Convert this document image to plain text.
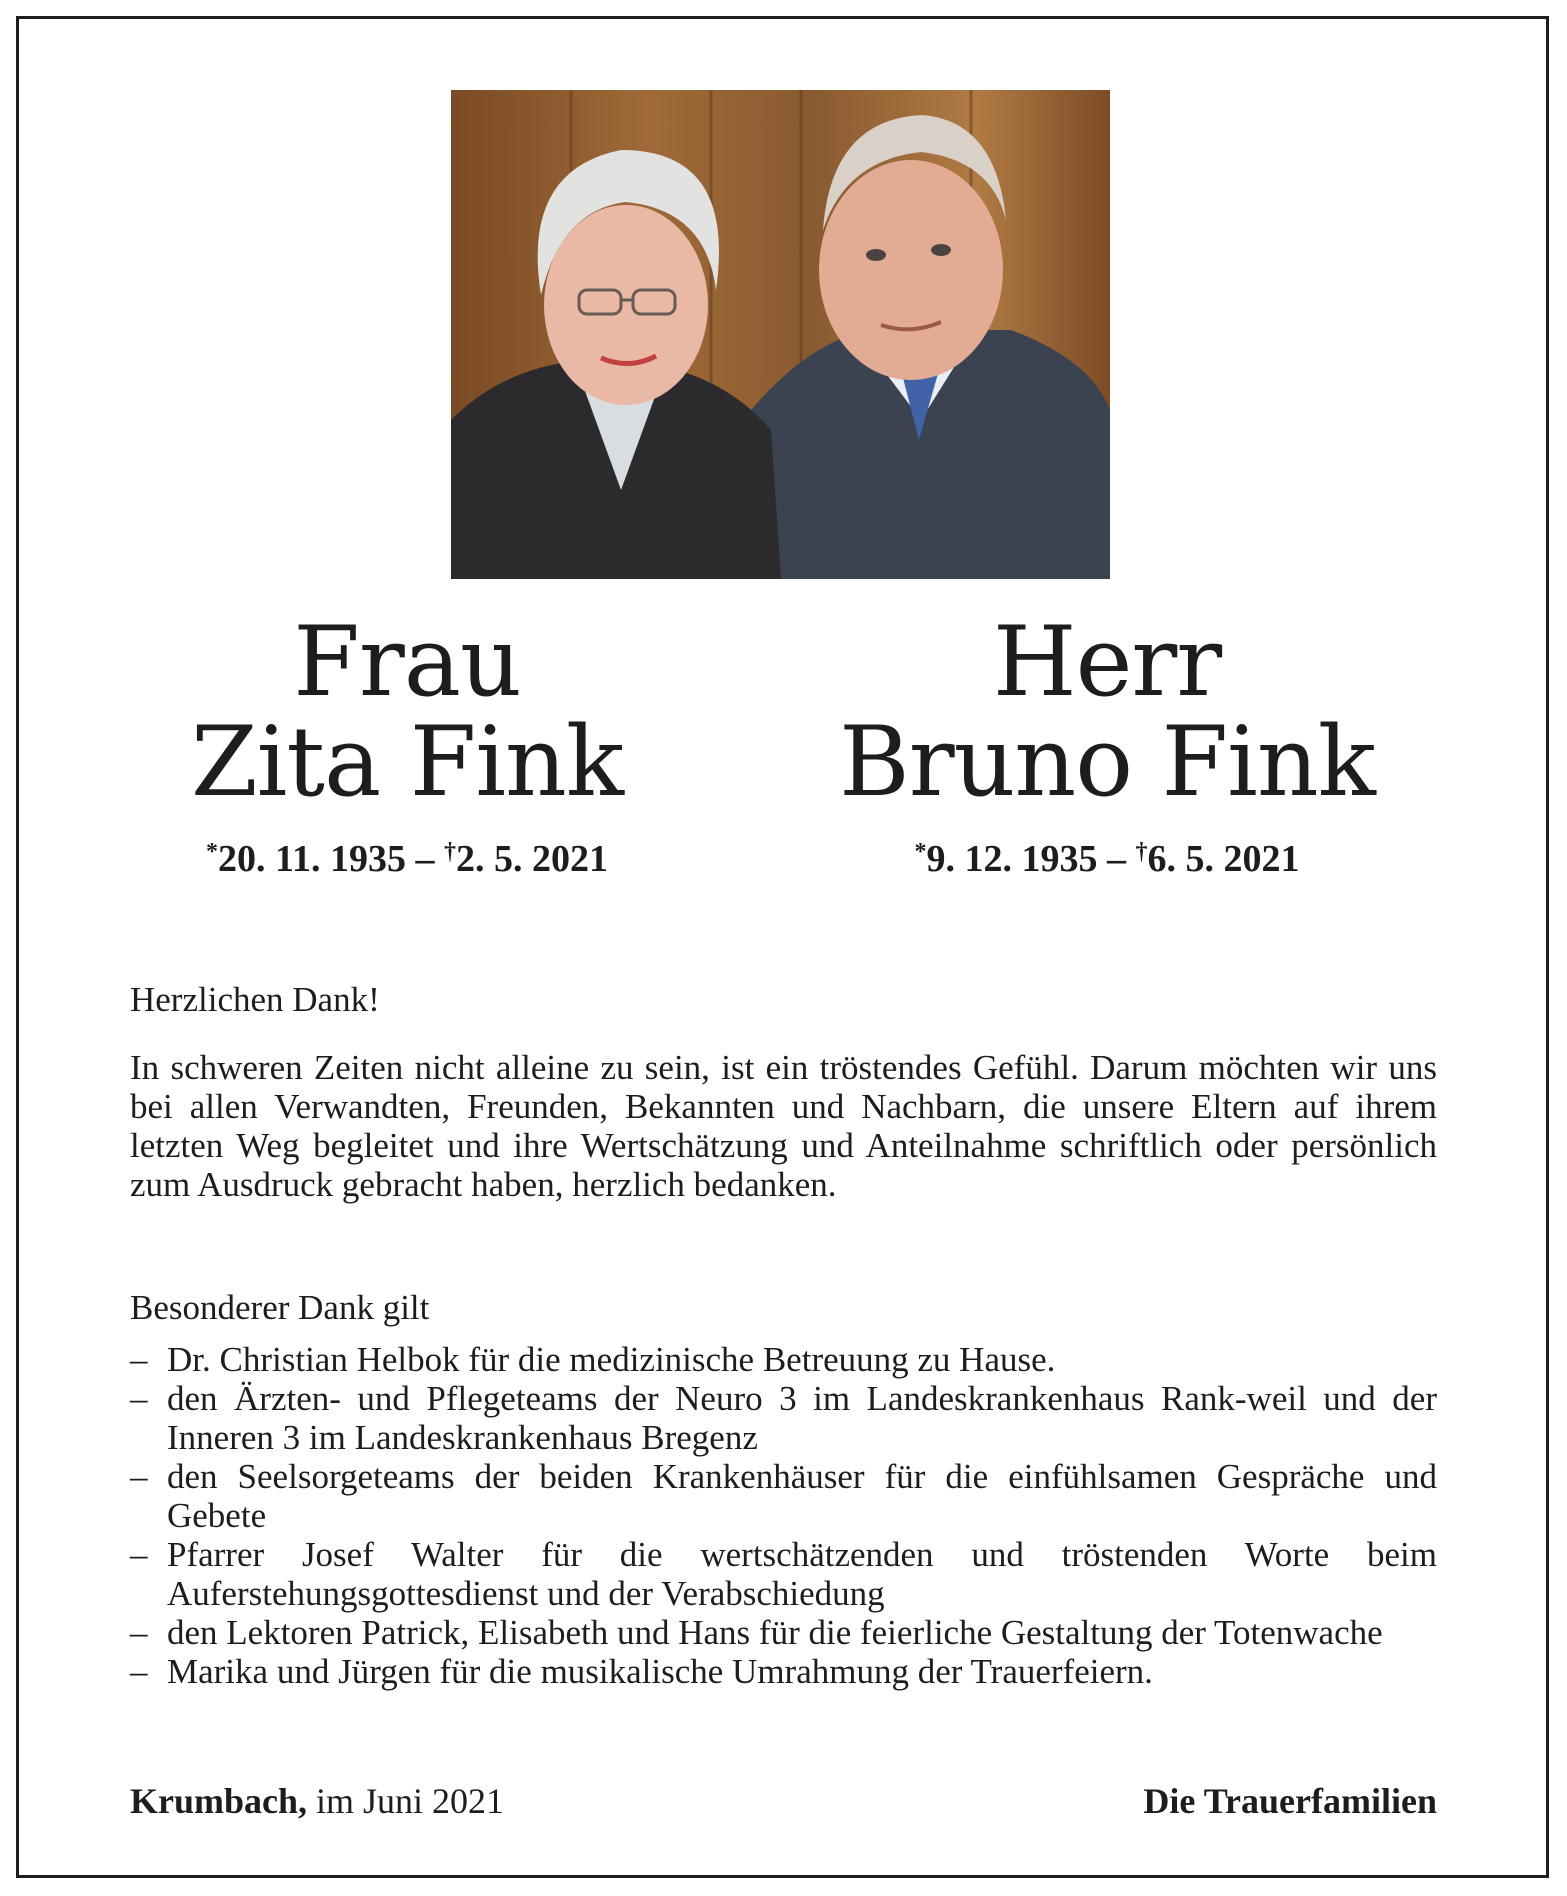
Frau
Zita Fink
*20. 11. 1935 – †2. 5. 2021
Herr
Bruno Fink
*9. 12. 1935 – †6. 5. 2021
Herzlichen Dank!
In schweren Zeiten nicht alleine zu sein, ist ein tröstendes Gefühl. Darum möchten wir uns bei allen Verwandten, Freunden, Bekannten und Nachbarn, die unsere Eltern auf ihrem letzten Weg begleitet und ihre Wertschätzung und Anteilnahme schriftlich oder persönlich zum Ausdruck gebracht haben, herzlich bedanken.
Besonderer Dank gilt
– Dr. Christian Helbok für die medizinische Betreuung zu Hause.
– den Ärzten- und Pflegeteams der Neuro 3 im Landeskrankenhaus Rank-weil und der Inneren 3 im Landeskrankenhaus Bregenz
– den Seelsorgeteams der beiden Krankenhäuser für die einfühlsamen Gespräche und Gebete
– Pfarrer Josef Walter für die wertschätzenden und tröstenden Worte beim Auferstehungsgottesdienst und der Verabschiedung
– den Lektoren Patrick, Elisabeth und Hans für die feierliche Gestaltung der Totenwache
– Marika und Jürgen für die musikalische Umrahmung der Trauerfeiern.
Krumbach, im Juni 2021	Die Trauerfamilien
